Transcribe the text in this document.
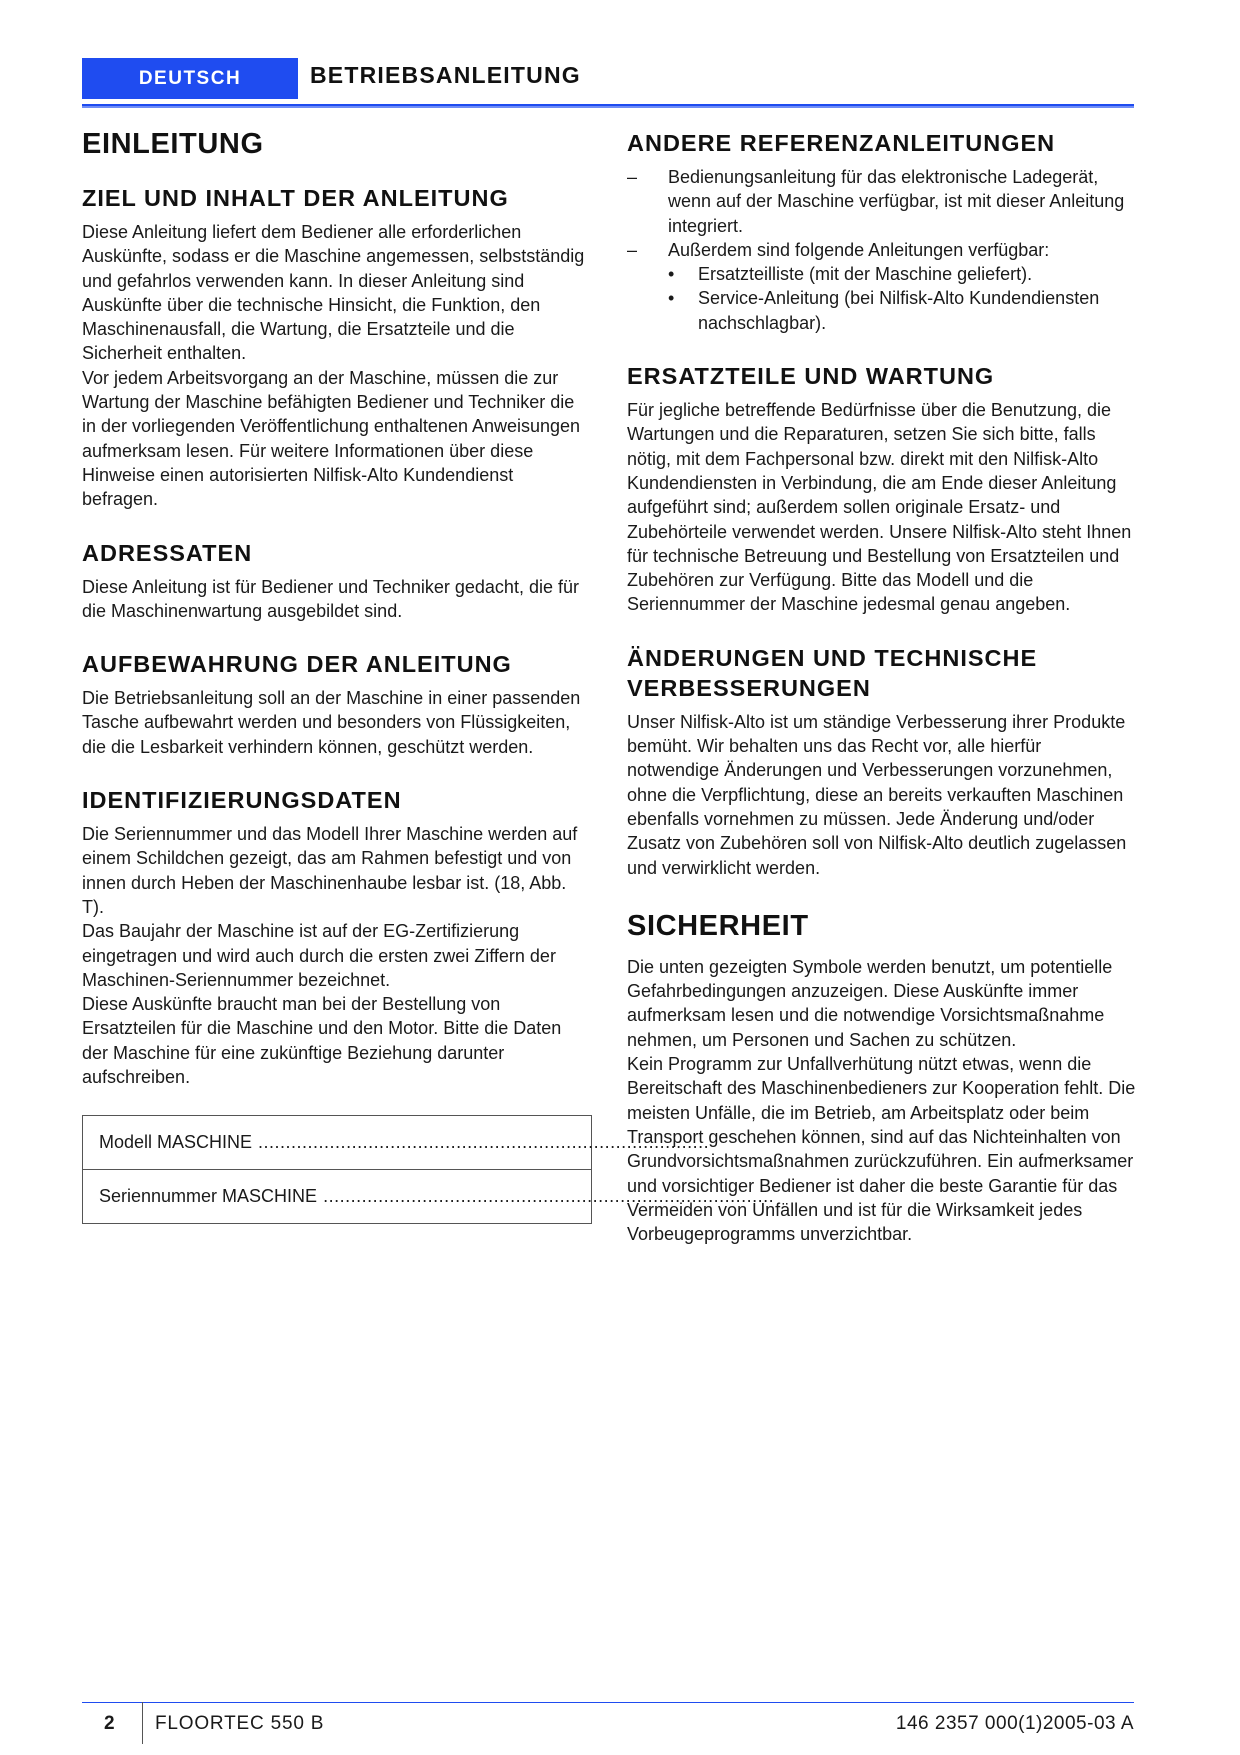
DEUTSCH	BETRIEBSANLEITUNG
EINLEITUNG
ZIEL UND INHALT DER ANLEITUNG

Diese Anleitung liefert dem Bediener alle erforderlichen Auskünfte, sodass er die Maschine angemessen, selbstständig und gefahrlos verwenden kann. In dieser Anleitung sind Auskünfte über die technische Hinsicht, die Funktion, den Maschinenausfall, die Wartung, die Ersatzteile und die Sicherheit enthalten.

Vor jedem Arbeitsvorgang an der Maschine, müssen die zur Wartung der Maschine befähigten Bediener und Techniker die in der vorliegenden Veröffentlichung enthaltenen Anweisungen aufmerksam lesen. Für weitere Informationen über diese Hinweise einen autorisierten Nilfisk-Alto Kundendienst befragen.

ADRESSATEN

Diese Anleitung ist für Bediener und Techniker gedacht, die für die Maschinenwartung ausgebildet sind.

AUFBEWAHRUNG DER ANLEITUNG

Die Betriebsanleitung soll an der Maschine in einer passenden Tasche aufbewahrt werden und besonders von Flüssigkeiten, die die Lesbarkeit verhindern können, geschützt werden.

IDENTIFIZIERUNGSDATEN

Die Seriennummer und das Modell Ihrer Maschine werden auf einem Schildchen gezeigt, das am Rahmen befestigt und von innen durch Heben der Maschinenhaube lesbar ist. (18, Abb. T).

Das Baujahr der Maschine ist auf der EG-Zertifizierung eingetragen und wird auch durch die ersten zwei Ziffern der Maschinen-Seriennummer bezeichnet.

Diese Auskünfte braucht man bei der Bestellung von Ersatzteilen für die Maschine und den Motor. Bitte die Daten der Maschine für eine zukünftige Beziehung darunter aufschreiben.

Modell MASCHINE ..................................................................................
Seriennummer MASCHINE ..................................................................................
ANDERE REFERENZANLEITUNGEN
– Bedienungsanleitung für das elektronische Ladegerät, wenn auf der Maschine verfügbar, ist mit dieser Anleitung integriert.
– Außerdem sind folgende Anleitungen verfügbar:
• Ersatzteilliste (mit der Maschine geliefert).
• Service-Anleitung (bei Nilfisk-Alto Kundendiensten nachschlagbar).
ERSATZTEILE UND WARTUNG

Für jegliche betreffende Bedürfnisse über die Benutzung, die Wartungen und die Reparaturen, setzen Sie sich bitte, falls nötig, mit dem Fachpersonal bzw. direkt mit den Nilfisk-Alto Kundendiensten in Verbindung, die am Ende dieser Anleitung aufgeführt sind; außerdem sollen originale Ersatz- und Zubehörteile verwendet werden. Unsere Nilfisk-Alto steht Ihnen für technische Betreuung und Bestellung von Ersatzteilen und Zubehören zur Verfügung. Bitte das Modell und die Seriennummer der Maschine jedesmal genau angeben.

ÄNDERUNGEN UND TECHNISCHE VERBESSERUNGEN

Unser Nilfisk-Alto ist um ständige Verbesserung ihrer Produkte bemüht. Wir behalten uns das Recht vor, alle hierfür notwendige Änderungen und Verbesserungen vorzunehmen, ohne die Verpflichtung, diese an bereits verkauften Maschinen ebenfalls vornehmen zu müssen. Jede Änderung und/oder Zusatz von Zubehören soll von Nilfisk-Alto deutlich zugelassen und verwirklicht werden.

SICHERHEIT

Die unten gezeigten Symbole werden benutzt, um potentielle Gefahrbedingungen anzuzeigen. Diese Auskünfte immer aufmerksam lesen und die notwendige Vorsichtsmaßnahme nehmen, um Personen und Sachen zu schützen.

Kein Programm zur Unfallverhütung nützt etwas, wenn die Bereitschaft des Maschinenbedieners zur Kooperation fehlt. Die meisten Unfälle, die im Betrieb, am Arbeitsplatz oder beim Transport geschehen können, sind auf das Nichteinhalten von Grundvorsichtsmaßnahmen zurückzuführen. Ein aufmerksamer und vorsichtiger Bediener ist daher die beste Garantie für das Vermeiden von Unfällen und ist für die Wirksamkeit jedes Vorbeugeprogramms unverzichtbar.

2 FLOORTEC 550 B	146 2357 000(1)2005-03 A
